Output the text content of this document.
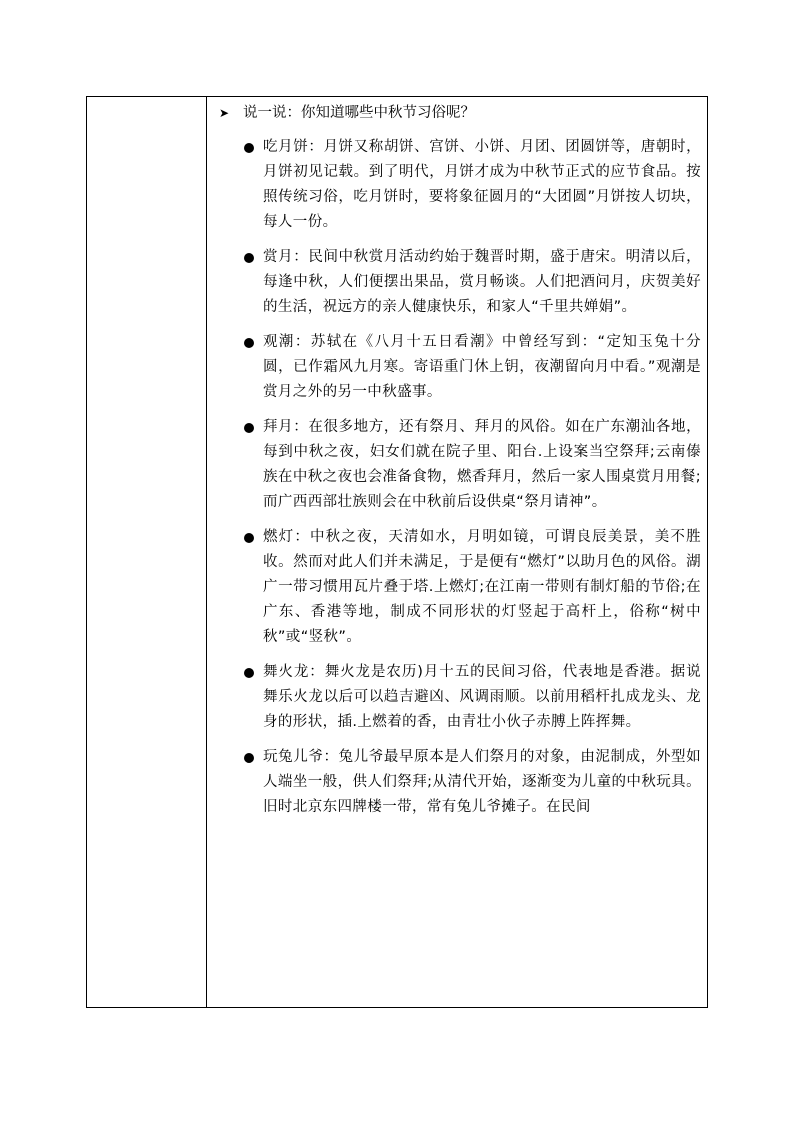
➤ 说一说：你知道哪些中秋节习俗呢？
吃月饼：月饼又称胡饼、宫饼、小饼、月团、团圆饼等，唐朝时，月饼初见记载。到了明代，月饼才成为中秋节正式的应节食品。按照传统习俗，吃月饼时，要将象征圆月的“大团圆”月饼按人切块，每人一份。
赏月：民间中秋赏月活动约始于魏晋时期，盛于唐宋。明清以后，每逢中秋，人们便摆出果品，赏月畅谈。人们把酒问月，庆贺美好的生活，祝远方的亲人健康快乐，和家人“千里共婵娟”。
观潮：苏轼在《八月十五日看潮》中曾经写到：“定知玉兔十分圆，已作霜风九月寒。寄语重门休上钥，夜潮留向月中看。”观潮是赏月之外的另一中秋盛事。
拜月：在很多地方，还有祭月、拜月的风俗。如在广东潮汕各地，每到中秋之夜，妇女们就在院子里、阳台.上设案当空祭拜;云南傣族在中秋之夜也会准备食物，燃香拜月，然后一家人围桌赏月用餐;而广西西部壮族则会在中秋前后设供桌“祭月请神”。
燃灯：中秋之夜，天清如水，月明如镜，可谓良辰美景，美不胜收。然而对此人们并未满足，于是便有“燃灯”以助月色的风俗。湖广一带习惯用瓦片叠于塔.上燃灯;在江南一带则有制灯船的节俗;在广东、香港等地，制成不同形状的灯竖起于高杆上，俗称“树中秋”或“竖秋”。
舞火龙：舞火龙是农历)月十五的民间习俗，代表地是香港。据说舞乐火龙以后可以趋吉避凶、风调雨顺。以前用稻杆扎成龙头、龙身的形状，插.上燃着的香，由青壮小伙子赤膊上阵挥舞。
玩兔儿爷：兔儿爷最早原本是人们祭月的对象，由泥制成，外型如人端坐一般，供人们祭拜;从清代开始，逐渐变为儿童的中秋玩具。旧时北京东四牌楼一带，常有兔儿爷摊子。在民间
